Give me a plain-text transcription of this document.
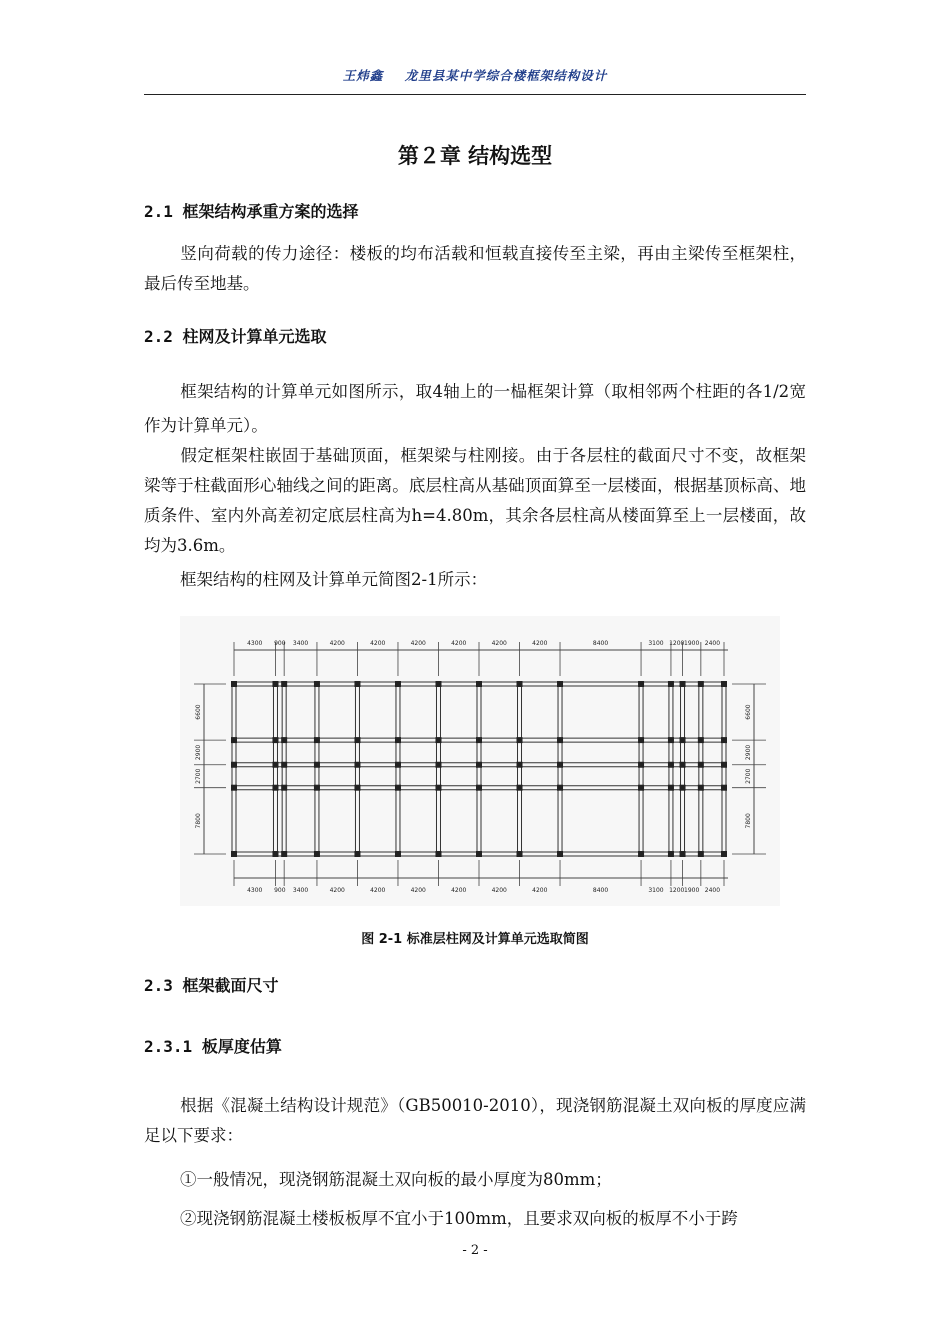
王炜鑫 龙里县某中学综合楼框架结构设计
第２章 结构选型
2.1 框架结构承重方案的选择
竖向荷载的传力途径：楼板的均布活载和恒载直接传至主梁，再由主梁传至框架柱，最后传至地基。
2.2 柱网及计算单元选取
框架结构的计算单元如图所示，取4轴上的一榀框架计算（取相邻两个柱距的各1/2宽作为计算单元）。
假定框架柱嵌固于基础顶面，框架梁与柱刚接。由于各层柱的截面尺寸不变，故框架梁等于柱截面形心轴线之间的距离。底层柱高从基础顶面算至一层楼面，根据基顶标高、地质条件、室内外高差初定底层柱高为h=4.80m，其余各层柱高从楼面算至上一层楼面，故均为3.6m。
框架结构的柱网及计算单元简图2-1所示：
4300
4300
900
900
3400
3400
4200
4200
4200
4200
4200
4200
4200
4200
4200
4200
4200
4200
8400
8400
3100
3100
1200
1200
1900
1900
2400
2400
6600	6600
2900	2900
2700	2700
7800	7800
图 2-1 标准层柱网及计算单元选取简图
2.3 框架截面尺寸
2.3.1 板厚度估算
根据《混凝土结构设计规范》（GB50010-2010），现浇钢筋混凝土双向板的厚度应满足以下要求：
①一般情况，现浇钢筋混凝土双向板的最小厚度为80mm；
②现浇钢筋混凝土楼板板厚不宜小于100mm，且要求双向板的板厚不小于跨
- 2 -
